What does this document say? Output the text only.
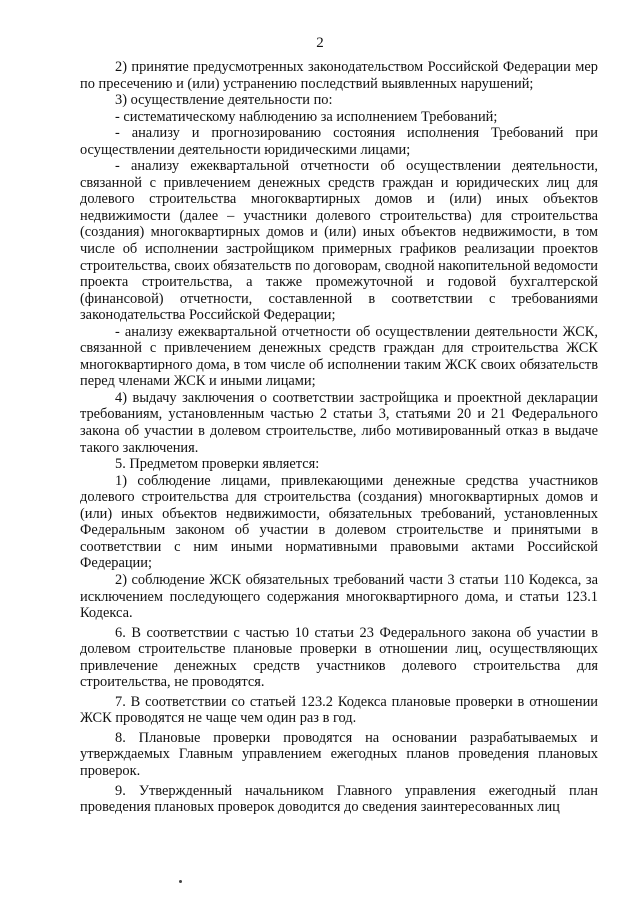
2

2) принятие предусмотренных законодательством Российской Федерации мер по пресечению и (или) устранению последствий выявленных нарушений;

3) осуществление деятельности по:

- систематическому наблюдению за исполнением Требований;

- анализу и прогнозированию состояния исполнения Требований при осуществлении деятельности юридическими лицами;

- анализу ежеквартальной отчетности об осуществлении деятельности, связанной с привлечением денежных средств граждан и юридических лиц для долевого строительства многоквартирных домов и (или) иных объектов недвижимости (далее – участники долевого строительства) для строительства (создания) многоквартирных домов и (или) иных объектов недвижимости, в том числе об исполнении застройщиком примерных графиков реализации проектов строительства, своих обязательств по договорам, сводной накопительной ведомости проекта строительства, а также промежуточной и годовой бухгалтерской (финансовой) отчетности, составленной в соответствии с требованиями законодательства Российской Федерации;

- анализу ежеквартальной отчетности об осуществлении деятельности ЖСК, связанной с привлечением денежных средств граждан для строительства ЖСК многоквартирного дома, в том числе об исполнении таким ЖСК своих обязательств перед членами ЖСК и иными лицами;

4) выдачу заключения о соответствии застройщика и проектной декларации требованиям, установленным частью 2 статьи 3, статьями 20 и 21 Федерального закона об участии в долевом строительстве, либо мотивированный отказ в выдаче такого заключения.

5. Предметом проверки является:

1) соблюдение лицами, привлекающими денежные средства участников долевого строительства для строительства (создания) многоквартирных домов и (или) иных объектов недвижимости, обязательных требований, установленных Федеральным законом об участии в долевом строительстве и принятыми в соответствии с ним иными нормативными правовыми актами Российской Федерации;

2) соблюдение ЖСК обязательных требований части 3 статьи 110 Кодекса, за исключением последующего содержания многоквартирного дома, и статьи 123.1 Кодекса.

6. В соответствии с частью 10 статьи 23 Федерального закона об участии в долевом строительстве плановые проверки в отношении лиц, осуществляющих привлечение денежных средств участников долевого строительства для строительства, не проводятся.

7. В соответствии со статьей 123.2 Кодекса плановые проверки в отношении ЖСК проводятся не чаще чем один раз в год.

8. Плановые проверки проводятся на основании разрабатываемых и утверждаемых Главным управлением ежегодных планов проведения плановых проверок.

9. Утвержденный начальником Главного управления ежегодный план проведения плановых проверок доводится до сведения заинтересованных лиц
